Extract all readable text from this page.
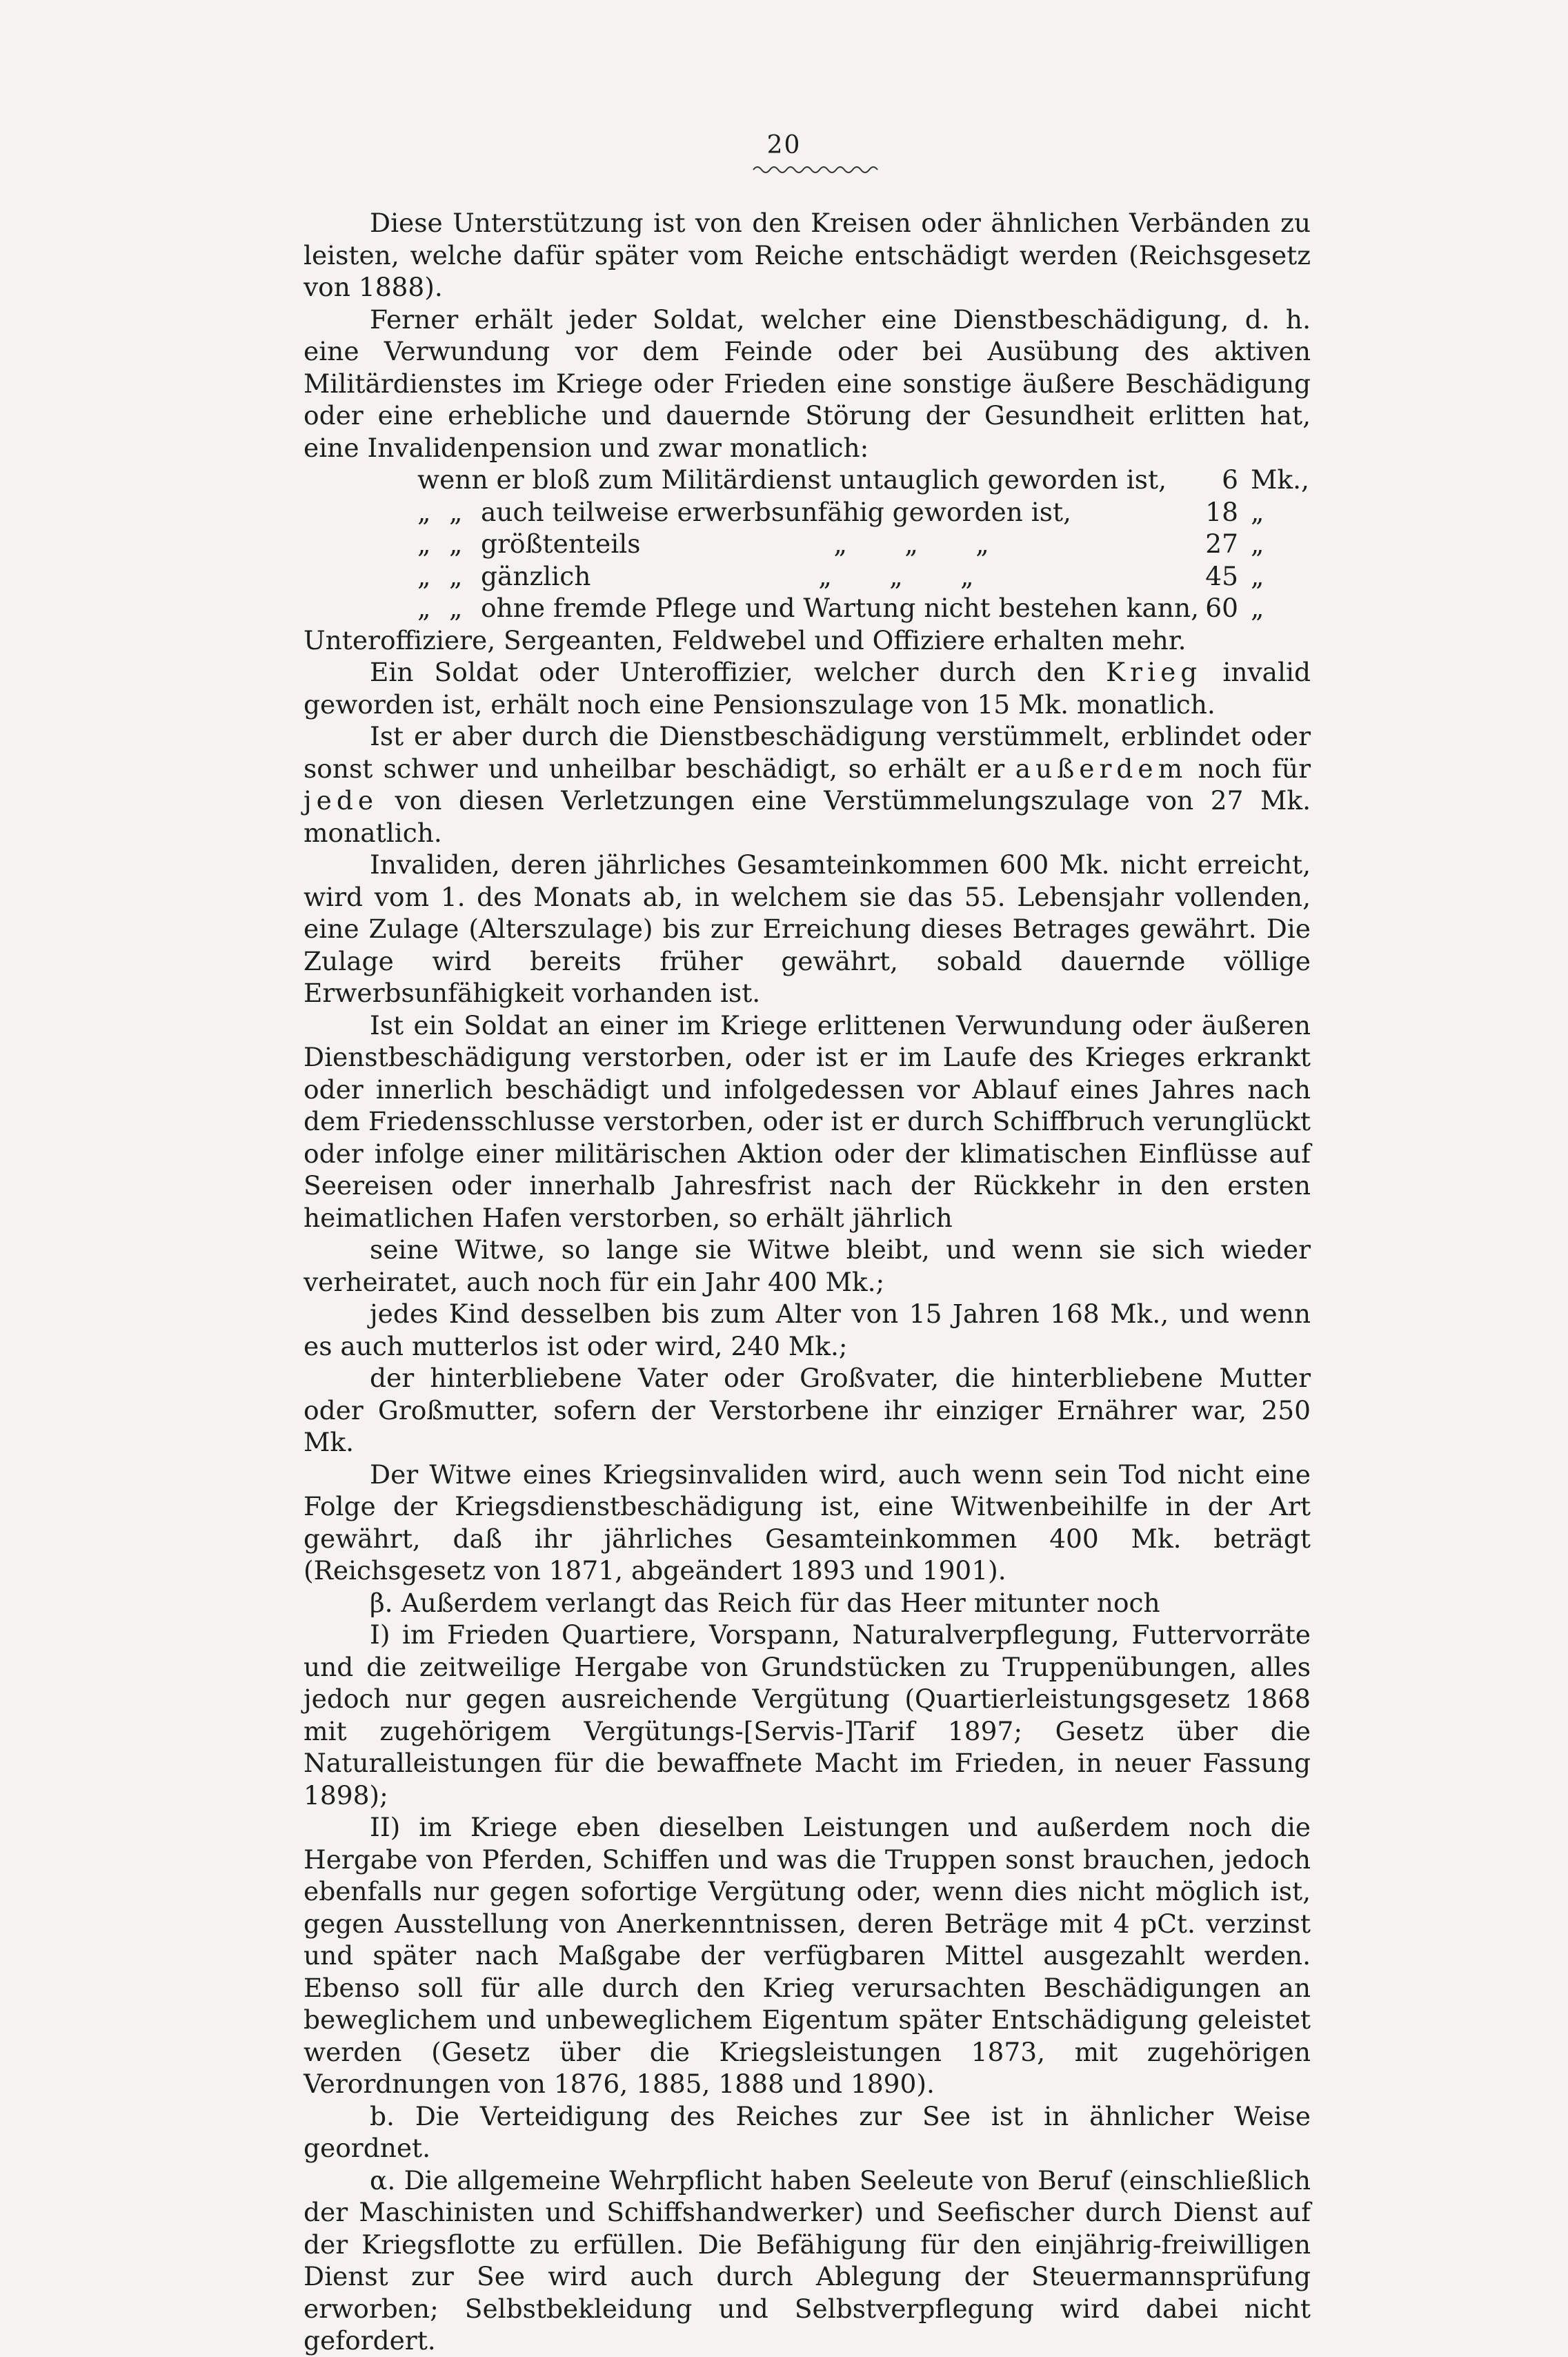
20
Diese Unterstützung ist von den Kreisen oder ähnlichen Verbänden zu leisten, welche dafür später vom Reiche entschädigt werden (Reichsgesetz von 1888).
Ferner erhält jeder Soldat, welcher eine Dienstbeschädigung, d. h. eine Verwundung vor dem Feinde oder bei Ausübung des aktiven Militärdienstes im Kriege oder Frieden eine sonstige äußere Beschädigung oder eine erhebliche und dauernde Störung der Gesundheit erlitten hat, eine Invalidenpension und zwar monatlich:
wenn er bloß zum Militärdienst untauglich geworden ist,	6	Mk.,
„ „ auch teilweise erwerbsunfähig geworden ist,	18	„
„ „ größtenteils „       „       „	27	„
„ „ gänzlich „       „       „	45	„
„ „ ohne fremde Pflege und Wartung nicht bestehen kann,	60	„
Unteroffiziere, Sergeanten, Feldwebel und Offiziere erhalten mehr.
Ein Soldat oder Unteroffizier, welcher durch den Krieg invalid geworden ist, erhält noch eine Pensionszulage von 15 Mk. monatlich.
Ist er aber durch die Dienstbeschädigung verstümmelt, erblindet oder sonst schwer und unheilbar beschädigt, so erhält er außerdem noch für jede von diesen Verletzungen eine Verstümmelungszulage von 27 Mk. monatlich.
Invaliden, deren jährliches Gesamteinkommen 600 Mk. nicht erreicht, wird vom 1. des Monats ab, in welchem sie das 55. Lebensjahr vollenden, eine Zulage (Alterszulage) bis zur Erreichung dieses Betrages gewährt. Die Zulage wird bereits früher gewährt, sobald dauernde völlige Erwerbsunfähigkeit vorhanden ist.
Ist ein Soldat an einer im Kriege erlittenen Verwundung oder äußeren Dienstbeschädigung verstorben, oder ist er im Laufe des Krieges erkrankt oder innerlich beschädigt und infolgedessen vor Ablauf eines Jahres nach dem Friedensschlusse verstorben, oder ist er durch Schiffbruch verunglückt oder infolge einer militärischen Aktion oder der klimatischen Einflüsse auf Seereisen oder innerhalb Jahresfrist nach der Rückkehr in den ersten heimatlichen Hafen verstorben, so erhält jährlich
seine Witwe, so lange sie Witwe bleibt, und wenn sie sich wieder verheiratet, auch noch für ein Jahr 400 Mk.;
jedes Kind desselben bis zum Alter von 15 Jahren 168 Mk., und wenn es auch mutterlos ist oder wird, 240 Mk.;
der hinterbliebene Vater oder Großvater, die hinterbliebene Mutter oder Großmutter, sofern der Verstorbene ihr einziger Ernährer war, 250 Mk.
Der Witwe eines Kriegsinvaliden wird, auch wenn sein Tod nicht eine Folge der Kriegsdienstbeschädigung ist, eine Witwenbeihilfe in der Art gewährt, daß ihr jährliches Gesamteinkommen 400 Mk. beträgt (Reichsgesetz von 1871, abgeändert 1893 und 1901).
β. Außerdem verlangt das Reich für das Heer mitunter noch
I) im Frieden Quartiere, Vorspann, Naturalverpflegung, Futtervorräte und die zeitweilige Hergabe von Grundstücken zu Truppenübungen, alles jedoch nur gegen ausreichende Vergütung (Quartierleistungsgesetz 1868 mit zugehörigem Vergütungs-[Servis-]Tarif 1897; Gesetz über die Naturalleistungen für die bewaffnete Macht im Frieden, in neuer Fassung 1898);
II) im Kriege eben dieselben Leistungen und außerdem noch die Hergabe von Pferden, Schiffen und was die Truppen sonst brauchen, jedoch ebenfalls nur gegen sofortige Vergütung oder, wenn dies nicht möglich ist, gegen Ausstellung von Anerkenntnissen, deren Beträge mit 4 pCt. verzinst und später nach Maßgabe der verfügbaren Mittel ausgezahlt werden. Ebenso soll für alle durch den Krieg verursachten Beschädigungen an beweglichem und unbeweglichem Eigentum später Entschädigung geleistet werden (Gesetz über die Kriegsleistungen 1873, mit zugehörigen Verordnungen von 1876, 1885, 1888 und 1890).
b. Die Verteidigung des Reiches zur See ist in ähnlicher Weise geordnet.
α. Die allgemeine Wehrpflicht haben Seeleute von Beruf (einschließlich der Maschinisten und Schiffshandwerker) und Seefischer durch Dienst auf der Kriegsflotte zu erfüllen. Die Befähigung für den einjährig-freiwilligen Dienst zur See wird auch durch Ablegung der Steuermannsprüfung erworben; Selbstbekleidung und Selbstverpflegung wird dabei nicht gefordert.
